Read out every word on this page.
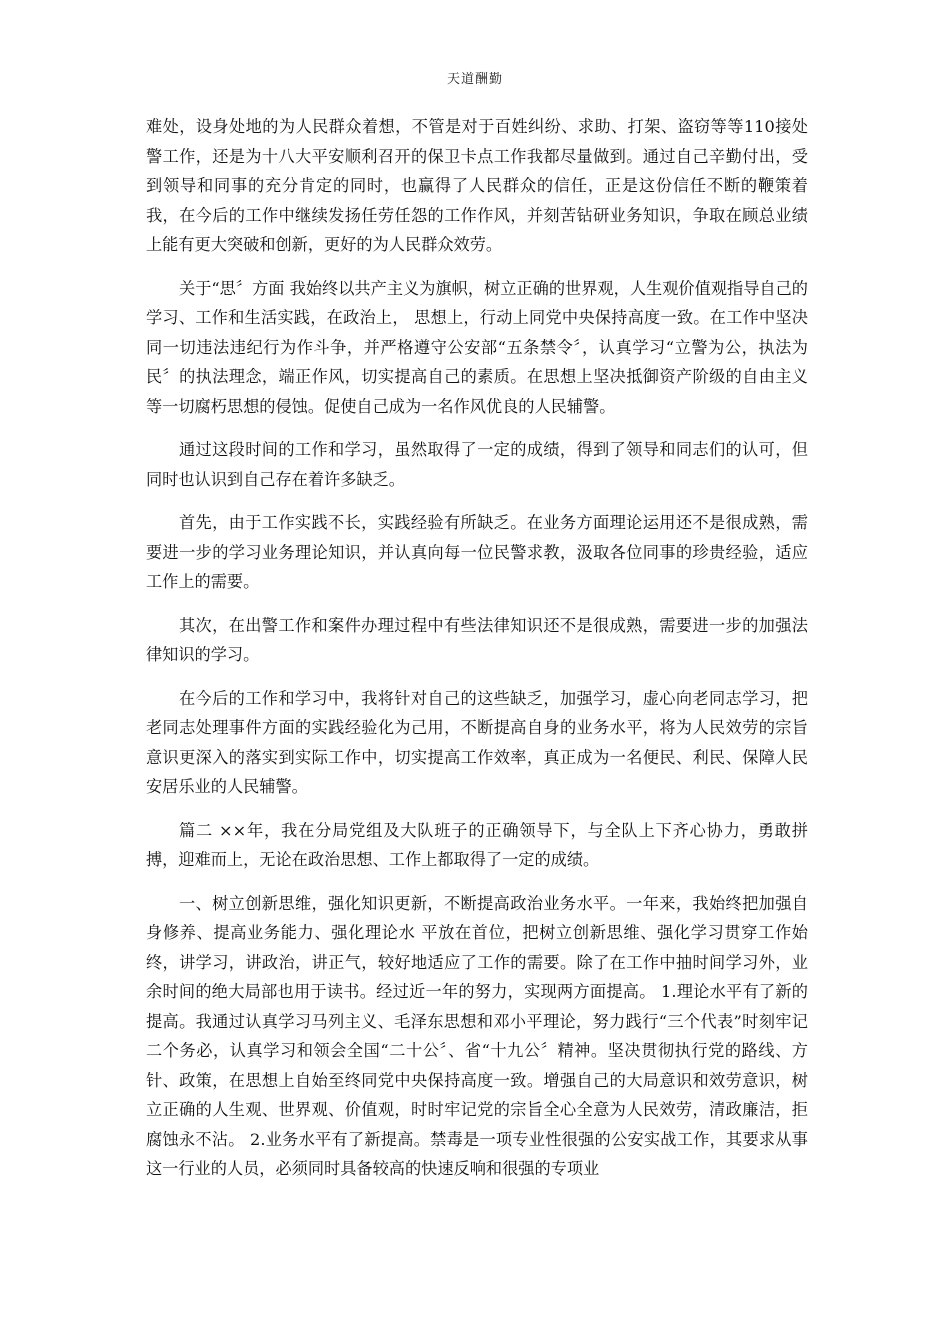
天道酬勤

难处，设身处地的为人民群众着想，不管是对于百姓纠纷、求助、打架、盗窃等等110接处警工作，还是为十八大平安顺利召开的保卫卡点工作我都尽量做到。通过自己辛勤付出，受到领导和同事的充分肯定的同时，也赢得了人民群众的信任，正是这份信任不断的鞭策着我，在今后的工作中继续发扬任劳任怨的工作作风，并刻苦钻研业务知识，争取在顾总业绩上能有更大突破和创新，更好的为人民群众效劳。

关于“思〞方面 我始终以共产主义为旗帜，树立正确的世界观，人生观价值观指导自己的学习、工作和生活实践，在政治上， 思想上，行动上同党中央保持高度一致。在工作中坚决同一切违法违纪行为作斗争，并严格遵守公安部“五条禁令〞，认真学习“立警为公，执法为民〞的执法理念，端正作风，切实提高自己的素质。在思想上坚决抵御资产阶级的自由主义等一切腐朽思想的侵蚀。促使自己成为一名作风优良的人民辅警。

通过这段时间的工作和学习，虽然取得了一定的成绩，得到了领导和同志们的认可，但同时也认识到自己存在着许多缺乏。

首先，由于工作实践不长，实践经验有所缺乏。在业务方面理论运用还不是很成熟，需要进一步的学习业务理论知识，并认真向每一位民警求教，汲取各位同事的珍贵经验，适应工作上的需要。

其次，在出警工作和案件办理过程中有些法律知识还不是很成熟，需要进一步的加强法律知识的学习。

在今后的工作和学习中，我将针对自己的这些缺乏，加强学习，虚心向老同志学习，把老同志处理事件方面的实践经验化为己用，不断提高自身的业务水平，将为人民效劳的宗旨意识更深入的落实到实际工作中，切实提高工作效率，真正成为一名便民、利民、保障人民安居乐业的人民辅警。

篇二 ××年，我在分局党组及大队班子的正确领导下，与全队上下齐心协力，勇敢拼搏，迎难而上，无论在政治思想、工作上都取得了一定的成绩。

一、树立创新思维，强化知识更新，不断提高政治业务水平。一年来，我始终把加强自身修养、提高业务能力、强化理论水 平放在首位，把树立创新思维、强化学习贯穿工作始终，讲学习，讲政治，讲正气，较好地适应了工作的需要。除了在工作中抽时间学习外，业余时间的绝大局部也用于读书。经过近一年的努力，实现两方面提高。 1.理论水平有了新的提高。我通过认真学习马列主义、毛泽东思想和邓小平理论，努力践行“三个代表”时刻牢记二个务必，认真学习和领会全国“二十公〞、省“十九公〞精神。坚决贯彻执行党的路线、方针、政策，在思想上自始至终同党中央保持高度一致。增强自己的大局意识和效劳意识，树立正确的人生观、世界观、价值观，时时牢记党的宗旨全心全意为人民效劳，清政廉洁，拒腐蚀永不沾。 2.业务水平有了新提高。禁毒是一项专业性很强的公安实战工作，其要求从事这一行业的人员，必须同时具备较高的快速反响和很强的专项业
